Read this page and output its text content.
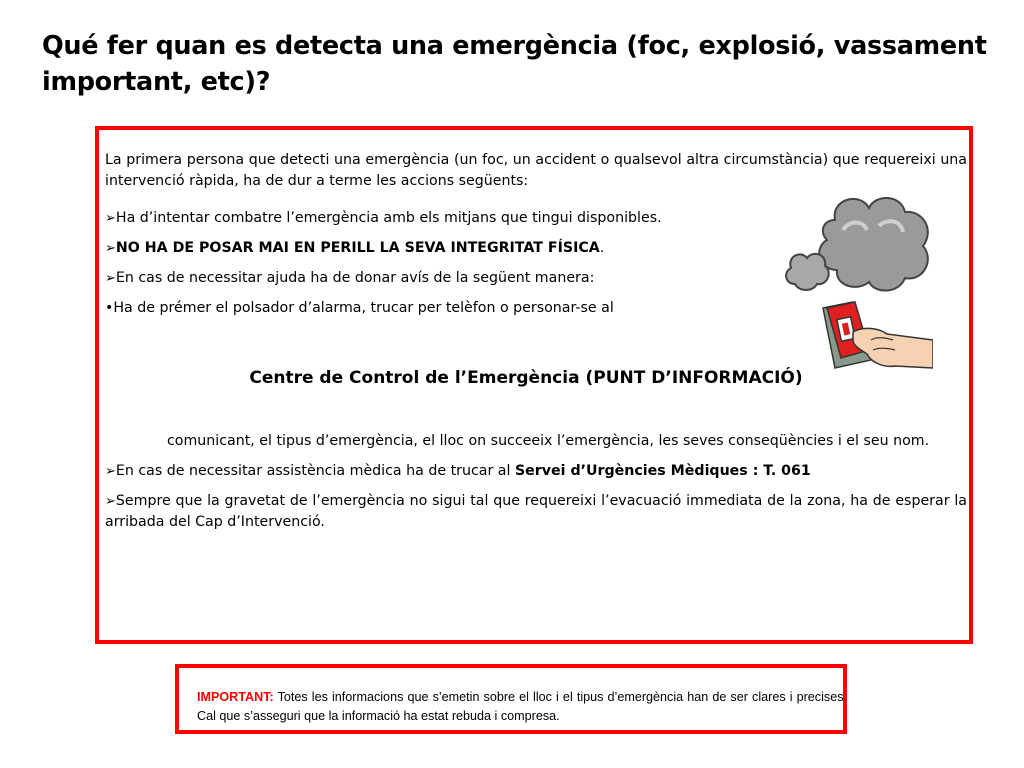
Qué fer quan es detecta una emergència (foc, explosió, vassament important, etc)?

La primera persona que detecti una emergència (un foc, un accident o qualsevol altra circumstància) que requereixi una intervenció ràpida, ha de dur a terme les accions següents:

➢Ha d’intentar combatre l’emergència amb els mitjans que tingui disponibles.

➢NO HA DE POSAR MAI EN PERILL LA SEVA INTEGRITAT FÍSICA.

➢En cas de necessitar ajuda ha de donar avís de la següent manera:

•Ha de prémer el polsador d’alarma, trucar per telèfon o personar-se al

Centre de Control de l’Emergència (PUNT D’INFORMACIÓ)

comunicant, el tipus d’emergència, el lloc on succeeix l’emergència, les seves conseqüències i el seu nom.

➢En cas de necessitar assistència mèdica ha de trucar al Servei d’Urgències Mèdiques : T. 061

➢Sempre que la gravetat de l’emergència no sigui tal que requereixi l’evacuació immediata de la zona, ha de esperar la arribada del Cap d’Intervenció.

IMPORTANT: Totes les informacions que s’emetin sobre el lloc i el tipus d’emergència han de ser clares i precises. Cal que s’asseguri que la informació ha estat rebuda i compresa.
